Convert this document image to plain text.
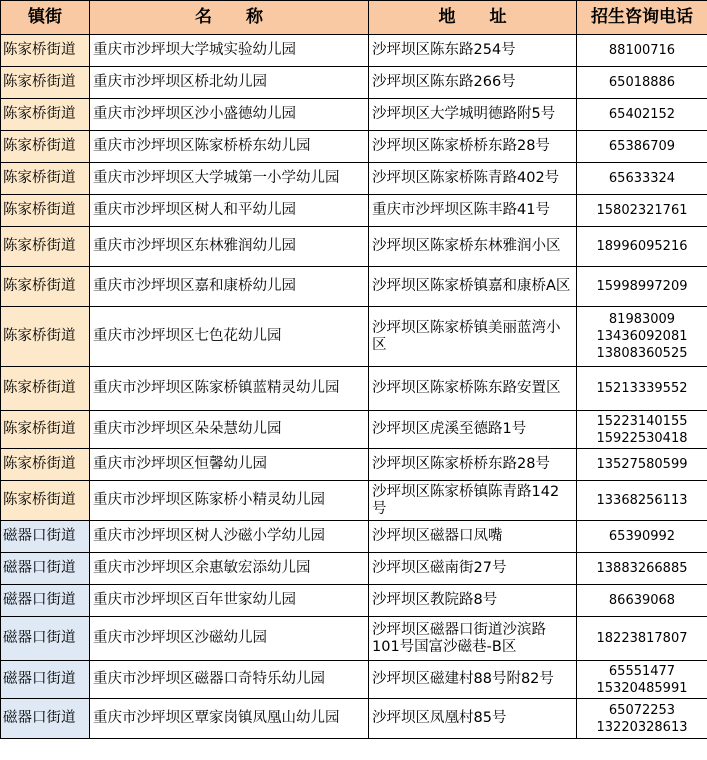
镇街	名　　称	地　　址	招生咨询电话
陈家桥街道	重庆市沙坪坝大学城实验幼儿园	沙坪坝区陈东路254号	88100716

陈家桥街道	重庆市沙坪坝区桥北幼儿园	沙坪坝区陈东路266号	65018886

陈家桥街道	重庆市沙坪坝区沙小盛德幼儿园	沙坪坝区大学城明德路附5号	65402152

陈家桥街道	重庆市沙坪坝区陈家桥桥东幼儿园	沙坪坝区陈家桥桥东路28号	65386709

陈家桥街道	重庆市沙坪坝区大学城第一小学幼儿园	沙坪坝区陈家桥陈青路402号	65633324

陈家桥街道	重庆市沙坪坝区树人和平幼儿园	重庆市沙坪坝区陈丰路41号	15802321761

陈家桥街道	重庆市沙坪坝区东林雅润幼儿园	沙坪坝区陈家桥东林雅润小区	18996095216

陈家桥街道	重庆市沙坪坝区嘉和康桥幼儿园	沙坪坝区陈家桥镇嘉和康桥A区	15998997209

陈家桥街道	重庆市沙坪坝区七色花幼儿园	沙坪坝区陈家桥镇美丽蓝湾小区	81983009
13436092081
13808360525

陈家桥街道	重庆市沙坪坝区陈家桥镇蓝精灵幼儿园	沙坪坝区陈家桥陈东路安置区	15213339552

陈家桥街道	重庆市沙坪坝区朵朵慧幼儿园	沙坪坝区虎溪至德路1号	15223140155
15922530418

陈家桥街道	重庆市沙坪坝区恒馨幼儿园	沙坪坝区陈家桥桥东路28号	13527580599

陈家桥街道	重庆市沙坪坝区陈家桥小精灵幼儿园	沙坪坝区陈家桥镇陈青路142号	13368256113

磁器口街道	重庆市沙坪坝区树人沙磁小学幼儿园	沙坪坝区磁器口凤嘴	65390992

磁器口街道	重庆市沙坪坝区余惠敏宏添幼儿园	沙坪坝区磁南街27号	13883266885

磁器口街道	重庆市沙坪坝区百年世家幼儿园	沙坪坝区教院路8号	86639068

磁器口街道	重庆市沙坪坝区沙磁幼儿园	沙坪坝区磁器口街道沙滨路101号国富沙磁巷-B区	18223817807

磁器口街道	重庆市沙坪坝区磁器口奇特乐幼儿园	沙坪坝区磁建村88号附82号	65551477
15320485991

磁器口街道	重庆市沙坪坝区覃家岗镇凤凰山幼儿园	沙坪坝区凤凰村85号	65072253
13220328613
